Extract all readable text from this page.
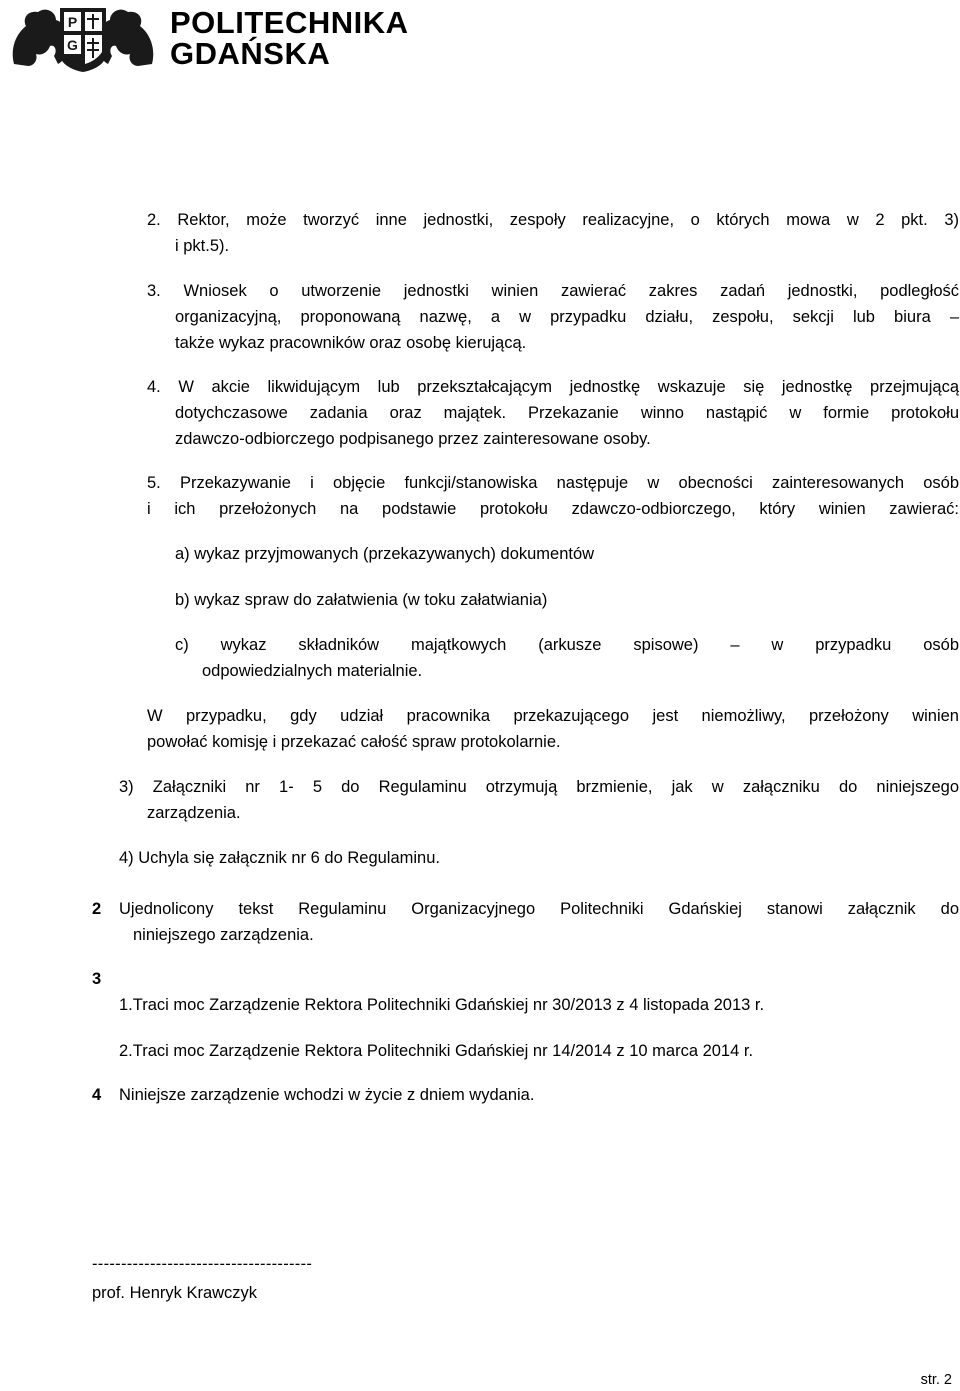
P
G
POLITECHNIKA
GDAŃSKA
2. Rektor, może tworzyć inne jednostki, zespoły realizacyjne, o których mowa w 2 pkt. 3)
i pkt.5).
3. Wniosek o utworzenie jednostki winien zawierać zakres zadań jednostki, podległość
organizacyjną, proponowaną nazwę, a w przypadku działu, zespołu, sekcji lub biura –
także wykaz pracowników oraz osobę kierującą.
4. W akcie likwidującym lub przekształcającym jednostkę wskazuje się jednostkę przejmującą
dotychczasowe zadania oraz majątek. Przekazanie winno nastąpić w formie protokołu
zdawczo-odbiorczego podpisanego przez zainteresowane osoby.
5. Przekazywanie i objęcie funkcji/stanowiska następuje w obecności zainteresowanych osób
i ich przełożonych na podstawie protokołu zdawczo-odbiorczego, który winien zawierać:
a) wykaz przyjmowanych (przekazywanych) dokumentów
b) wykaz spraw do załatwienia (w toku załatwiania)
c) wykaz składników majątkowych (arkusze spisowe) – w przypadku osób
odpowiedzialnych materialnie.
W przypadku, gdy udział pracownika przekazującego jest niemożliwy, przełożony winien
powołać komisję i przekazać całość spraw protokolarnie.
3) Załączniki nr 1- 5 do Regulaminu otrzymują brzmienie, jak w załączniku do niniejszego
zarządzenia.
4) Uchyla się załącznik nr 6 do Regulaminu.
2 Ujednolicony tekst Regulaminu Organizacyjnego Politechniki Gdańskiej stanowi załącznik do
niniejszego zarządzenia.
3
1.Traci moc Zarządzenie Rektora Politechniki Gdańskiej nr 30/2013 z 4 listopada 2013 r.
2.Traci moc Zarządzenie Rektora Politechniki Gdańskiej nr 14/2014 z 10 marca 2014 r.
4 Niniejsze zarządzenie wchodzi w życie z dniem wydania.
--------------------------------------
prof. Henryk Krawczyk
str. 2
